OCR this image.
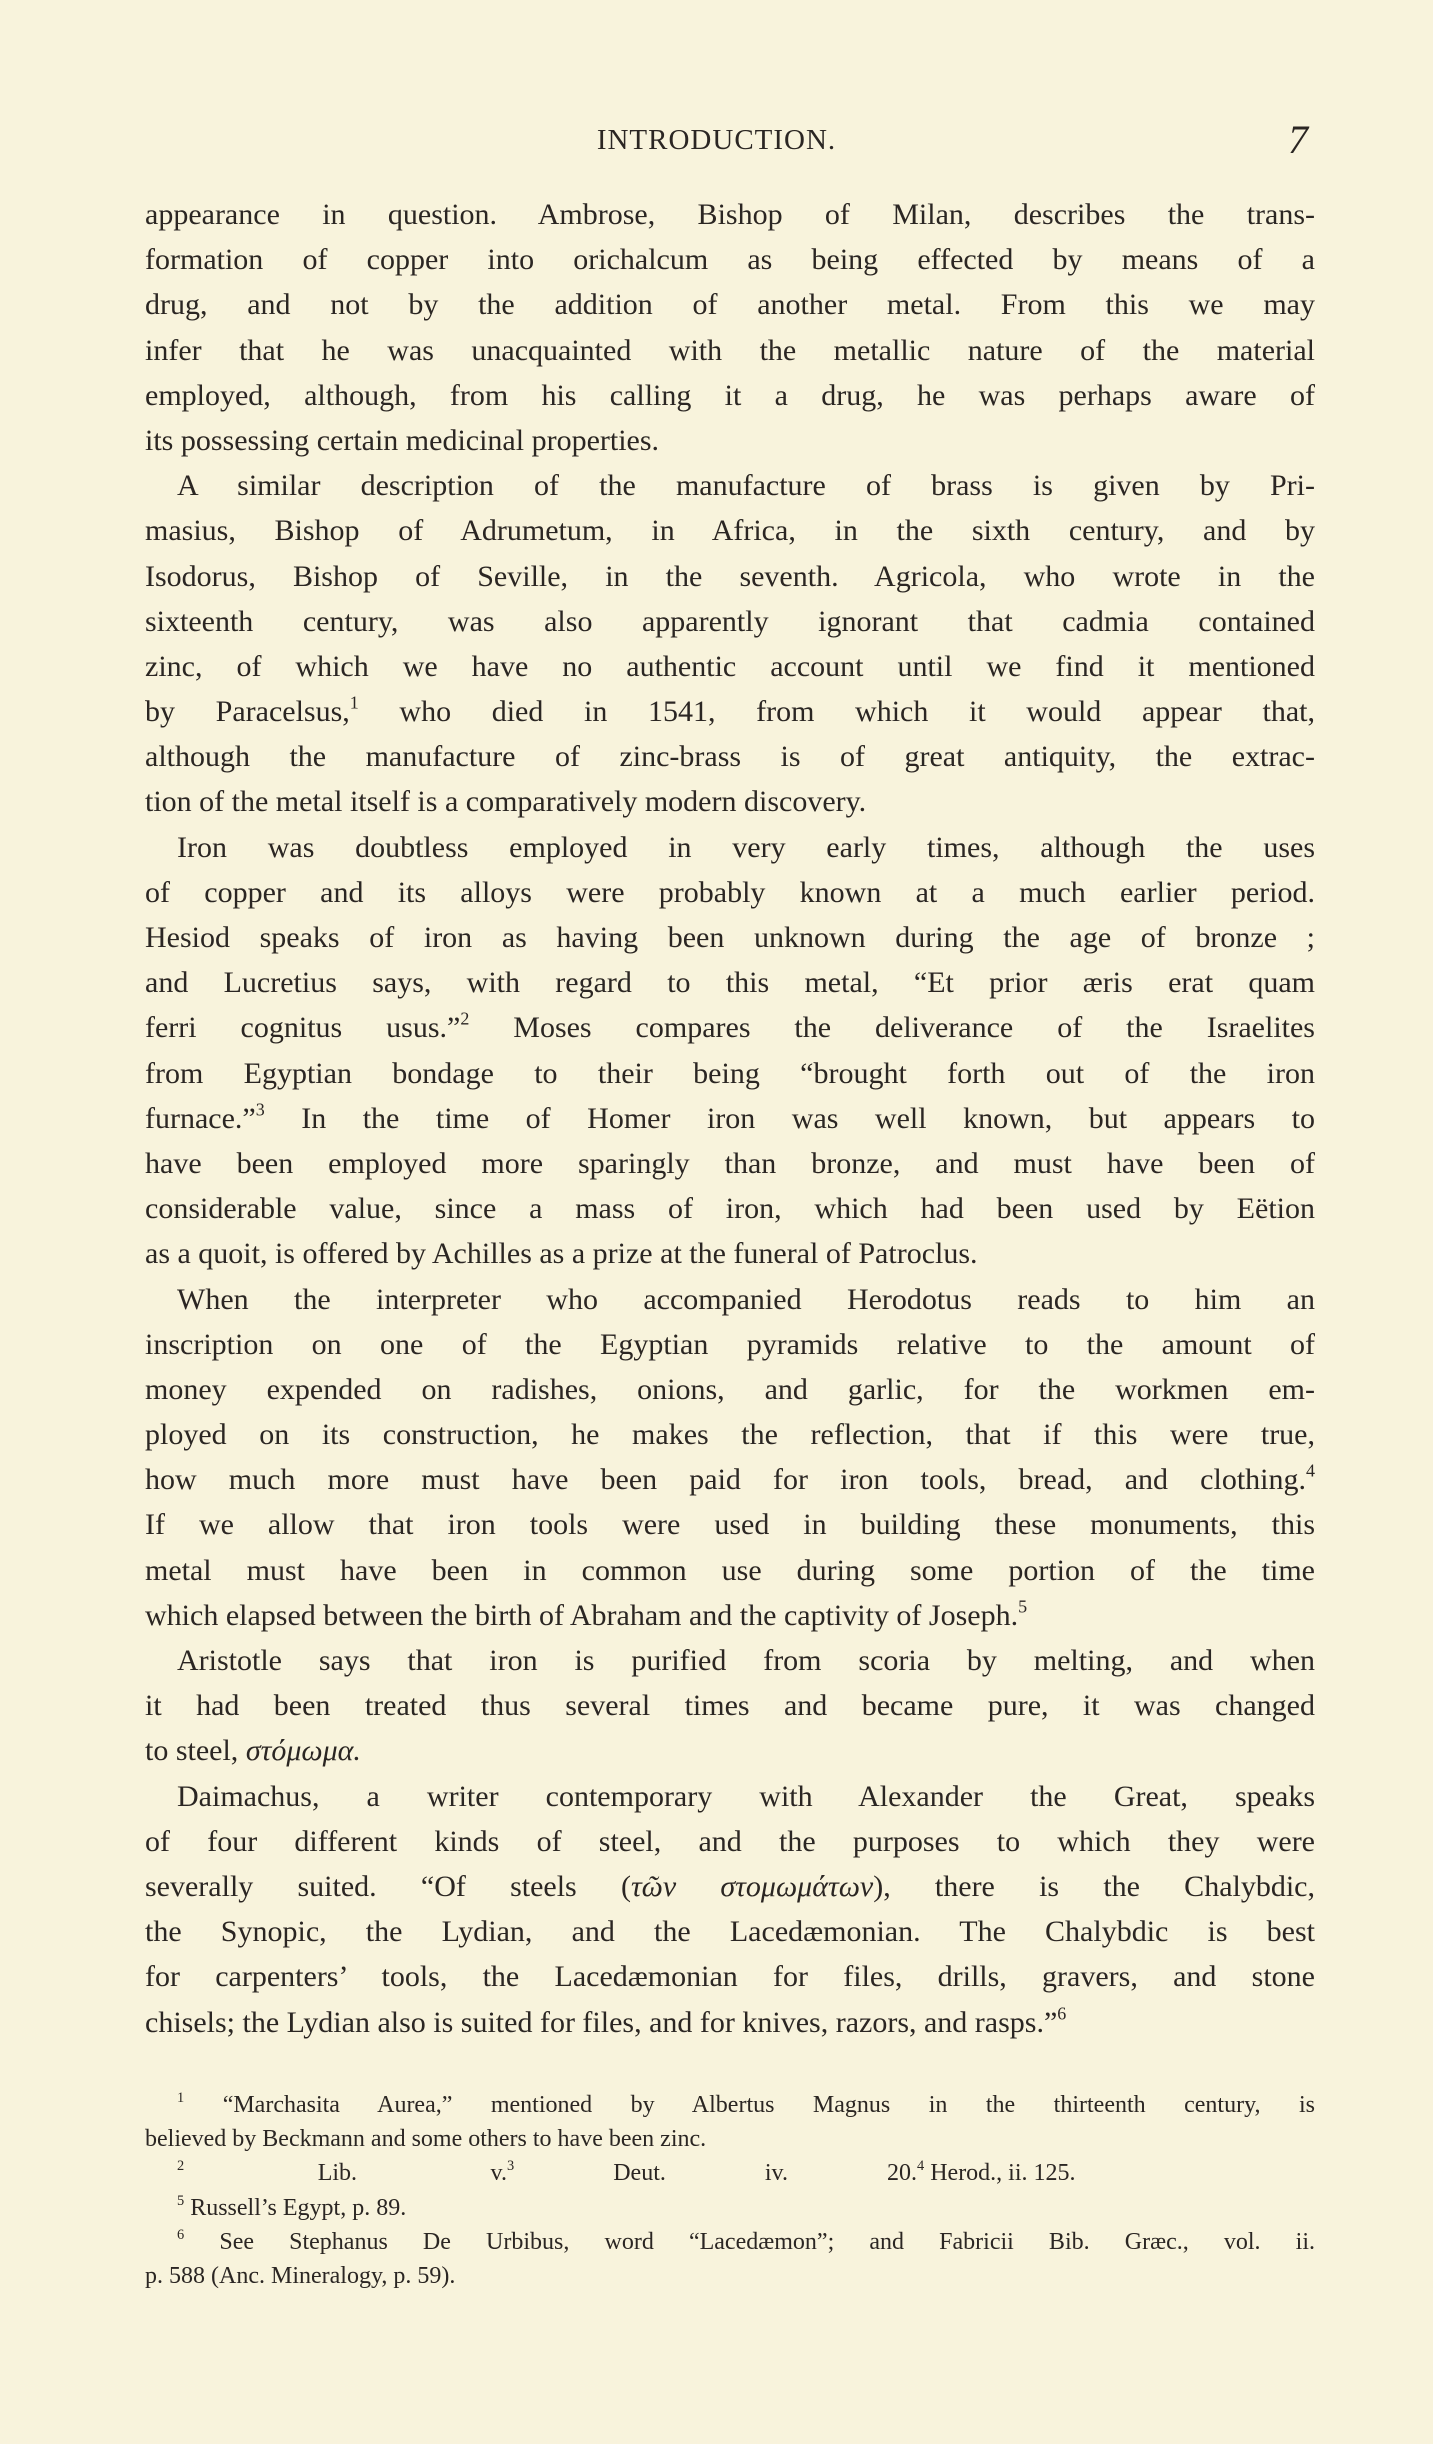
INTRODUCTION.	7
appearance in question. Ambrose, Bishop of Milan, describes the trans-
formation of copper into orichalcum as being effected by means of a
drug, and not by the addition of another metal. From this we may
infer that he was unacquainted with the metallic nature of the material
employed, although, from his calling it a drug, he was perhaps aware of
its possessing certain medicinal properties.
A similar description of the manufacture of brass is given by Pri-
masius, Bishop of Adrumetum, in Africa, in the sixth century, and by
Isodorus, Bishop of Seville, in the seventh. Agricola, who wrote in the
sixteenth century, was also apparently ignorant that cadmia contained
zinc, of which we have no authentic account until we find it mentioned
by Paracelsus,$^1$ who died in 1541, from which it would appear that,
although the manufacture of zinc-brass is of great antiquity, the extrac-
tion of the metal itself is a comparatively modern discovery.
Iron was doubtless employed in very early times, although the uses
of copper and its alloys were probably known at a much earlier period.
Hesiod speaks of iron as having been unknown during the age of bronze ;
and Lucretius says, with regard to this metal, “Et prior æris erat quam
ferri cognitus usus.”$^2$ Moses compares the deliverance of the Israelites
from Egyptian bondage to their being “brought forth out of the iron
furnace.”$^3$ In the time of Homer iron was well known, but appears to
have been employed more sparingly than bronze, and must have been of
considerable value, since a mass of iron, which had been used by Eëtion
as a quoit, is offered by Achilles as a prize at the funeral of Patroclus.
When the interpreter who accompanied Herodotus reads to him an
inscription on one of the Egyptian pyramids relative to the amount of
money expended on radishes, onions, and garlic, for the workmen em-
ployed on its construction, he makes the reflection, that if this were true,
how much more must have been paid for iron tools, bread, and clothing.$^4$
If we allow that iron tools were used in building these monuments, this
metal must have been in common use during some portion of the time
which elapsed between the birth of Abraham and the captivity of Joseph.$^5$
Aristotle says that iron is purified from scoria by melting, and when
it had been treated thus several times and became pure, it was changed
to steel, στόμωμα.
Daimachus, a writer contemporary with Alexander the Great, speaks
of four different kinds of steel, and the purposes to which they were
severally suited. “Of steels (τῶν στομωμάτων), there is the Chalybdic,
the Synopic, the Lydian, and the Lacedæmonian. The Chalybdic is best
for carpenters’ tools, the Lacedæmonian for files, drills, gravers, and stone
chisels; the Lydian also is suited for files, and for knives, razors, and rasps.”$^6$
$^1$ “Marchasita Aurea,” mentioned by Albertus Magnus in the thirteenth century, is
believed by Beckmann and some others to have been zinc.
$^2$	Lib. v. $^3$	Deut. iv. 20. $^4$ Herod., ii. 125.
$^5$ Russell’s Egypt, p. 89.
$^6$ See Stephanus De Urbibus, word “Lacedæmon”; and Fabricii Bib. Græc., vol. ii.
p. 588 (Anc. Mineralogy, p. 59).
